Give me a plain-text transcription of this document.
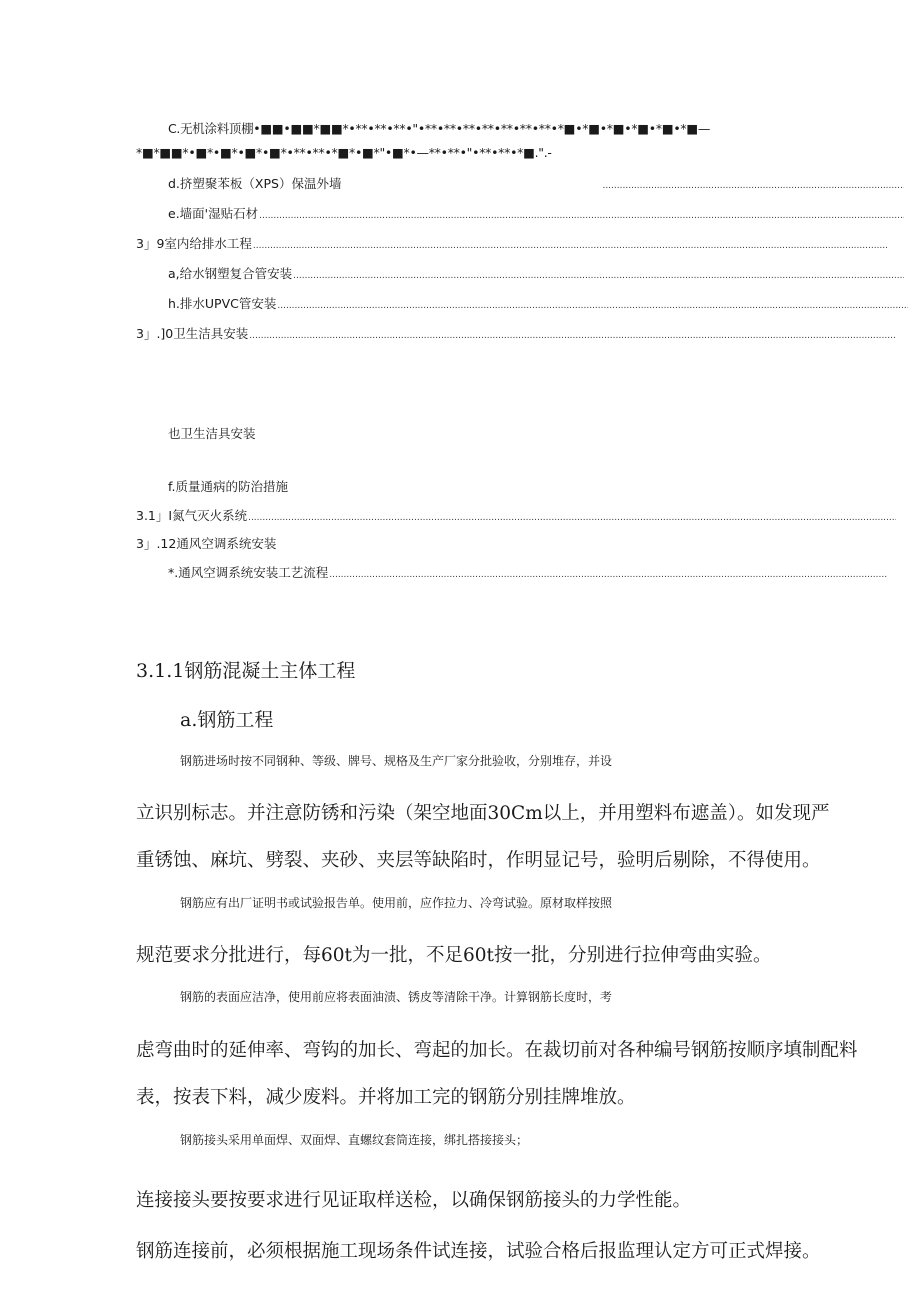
C.无机涂料顶棚•■■•■■*■■*•**•**•**•"•**•**•**•**•**•**•**•*■•*■•*■•*■•*■•*■—
*■*■■*•■*•■*•■*•■*•**•**•*■*•■*"•■*•—**•**•"•**•**•*■.".-
d.挤塑聚苯板（XPS）保温外墙
.....
e.墙面'湿贴石材
.....
3」9室内给排水工程
.....
a,给水钢塑复合管安装
.....
h.排水UPVC管安装
.....
3」.]0卫生洁具安装
.....
也卫生洁具安装
f.质量通病的防治措施
3.1」I氮气灭火系统
.....
3」.12通风空调系统安装
*.通风空调系统安装工艺流程
.....
3.1.1钢筋混凝土主体工程
a.钢筋工程
钢筋进场时按不同钢种、等级、牌号、规格及生产厂家分批验收，分别堆存，并设
立识别标志。并注意防锈和污染（架空地面30Cm以上，并用塑料布遮盖）。如发现严
重锈蚀、麻坑、劈裂、夹砂、夹层等缺陷时，作明显记号，验明后剔除，不得使用。
钢筋应有出厂证明书或试验报告单。使用前，应作拉力、冷弯试验。原材取样按照
规范要求分批进行，每60t为一批，不足60t按一批，分别进行拉伸弯曲实验。
钢筋的表面应洁净，使用前应将表面油渍、锈皮等清除干净。计算钢筋长度时，考
虑弯曲时的延伸率、弯钩的加长、弯起的加长。在裁切前对各种编号钢筋按顺序填制配料
表，按表下料，减少废料。并将加工完的钢筋分别挂牌堆放。
钢筋接头采用单面焊、双面焊、直螺纹套筒连接，绑扎搭接接头；
连接接头要按要求进行见证取样送检，以确保钢筋接头的力学性能。
钢筋连接前，必须根据施工现场条件试连接，试验合格后报监理认定方可正式焊接。
